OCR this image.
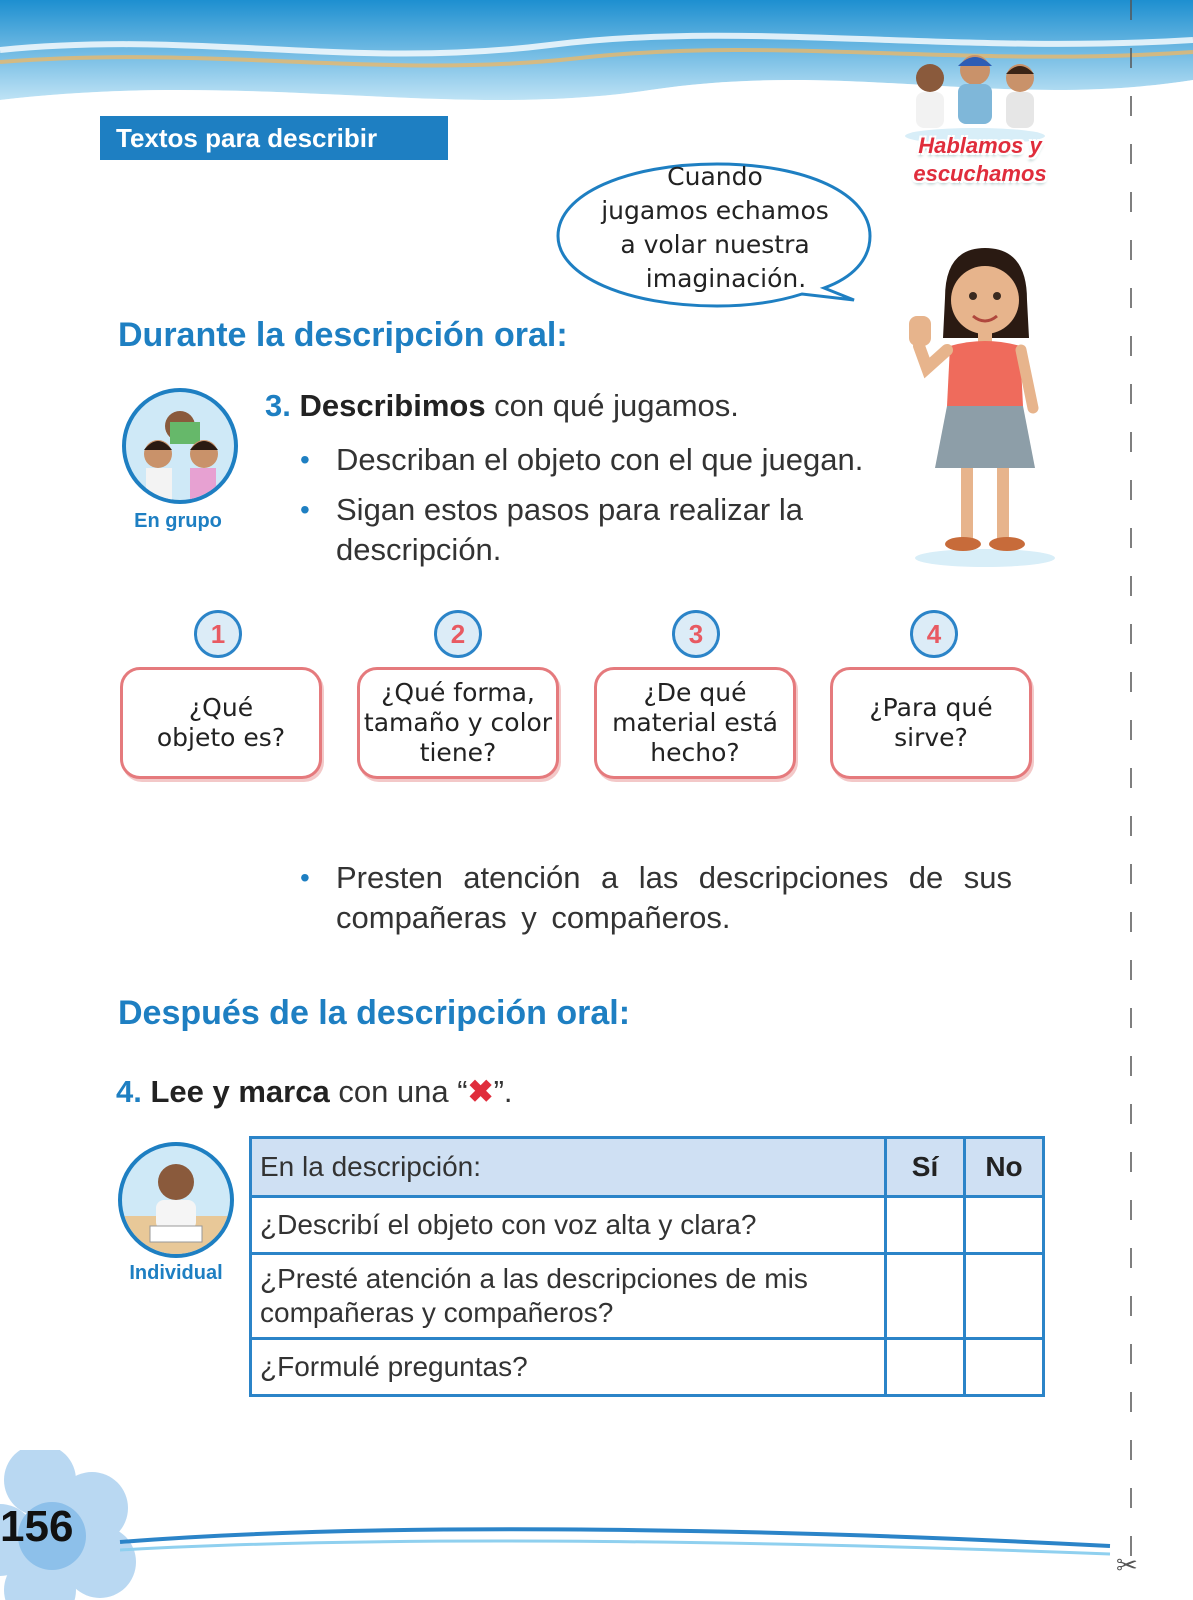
Textos para describir	Hablamos y escuchamos
Cuando
jugamos echamos
a volar nuestra
imaginación.
Durante la descripción oral:
En grupo
3. Describimos con qué jugamos.
• Describan el objeto con el que juegan.
• Sigan estos pasos para realizar la descripción.
1	2	3	4
¿Qué objeto es?
¿Qué forma, tamaño y color tiene?
¿De qué material está hecho?
¿Para qué sirve?
• Presten atención a las descripciones de sus compañeras y compañeros.
Después de la descripción oral:
4. Lee y marca con una “✖”.
Individual
En la descripción:	Sí	No
¿Describí el objeto con voz alta y clara?		
¿Presté atención a las descripciones de mis compañeras y compañeros?		
¿Formulé preguntas?		
156
✂
